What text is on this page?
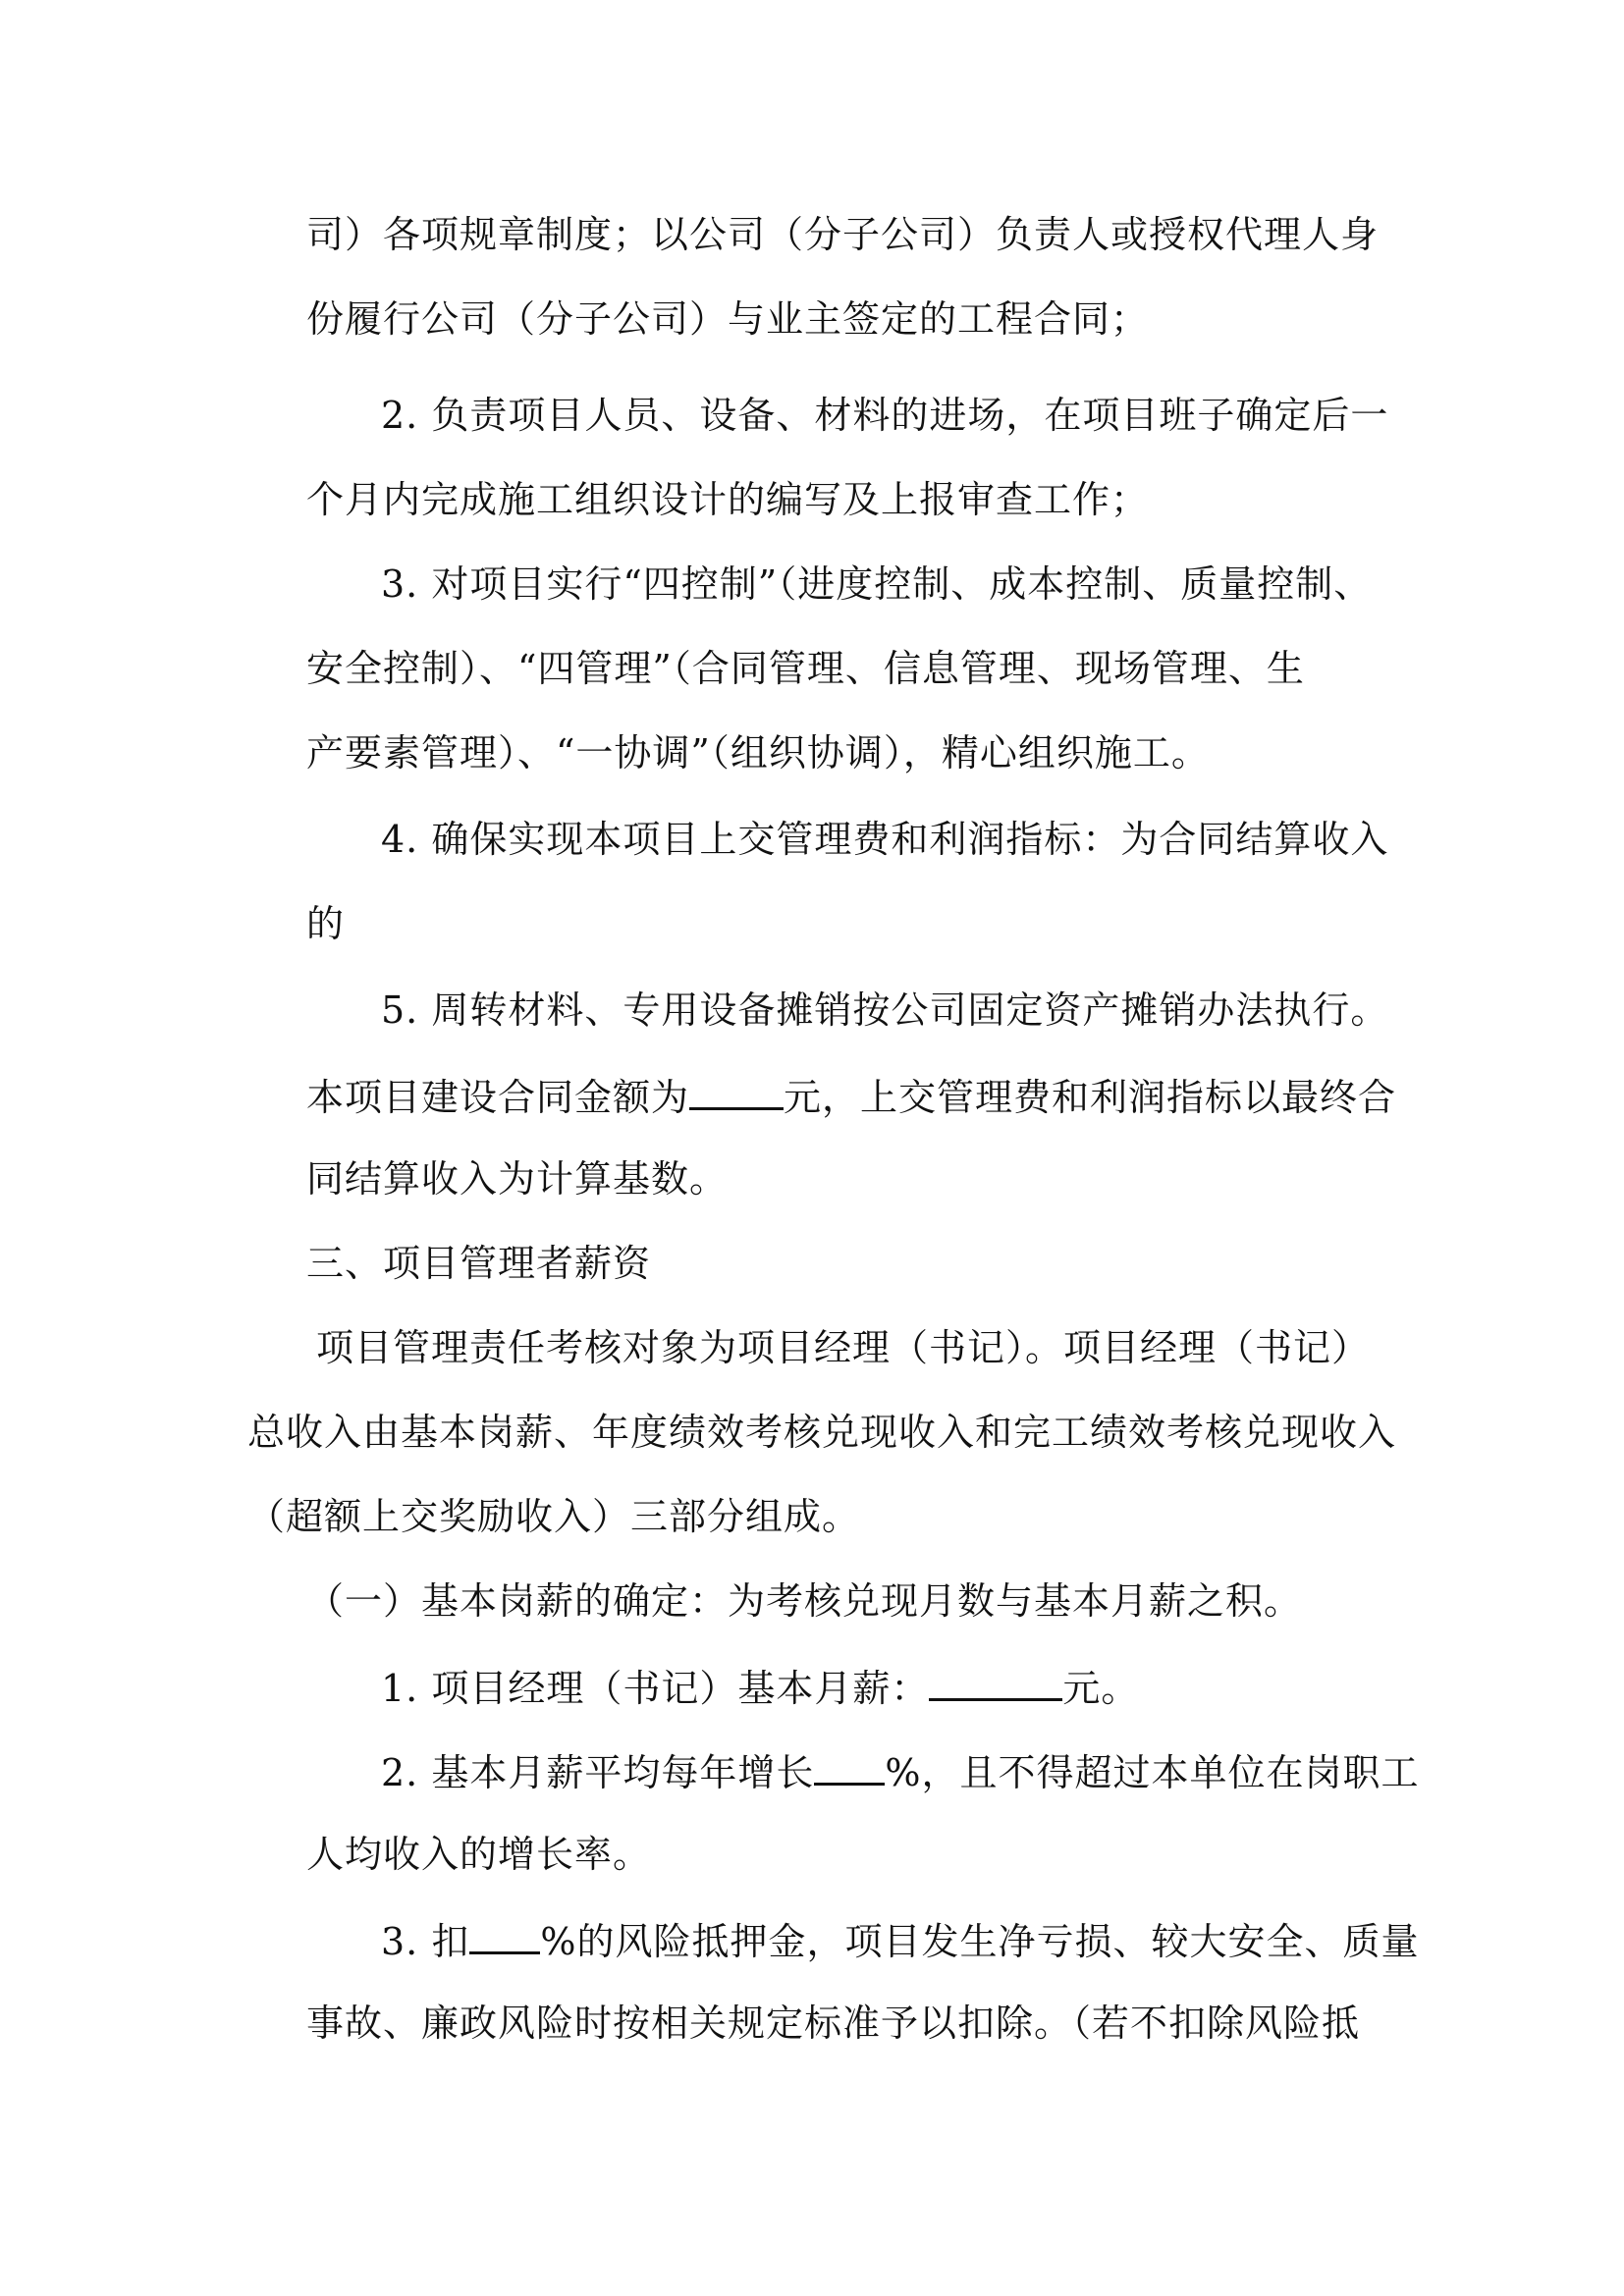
司）各项规章制度；以公司（分子公司）负责人或授权代理人身
份履行公司（分子公司）与业主签定的工程合同；
2. 负责项目人员、设备、材料的进场，在项目班子确定后一
个月内完成施工组织设计的编写及上报审查工作；
3. 对项目实行“四控制”（进度控制、成本控制、质量控制、
安全控制）、“四管理”（合同管理、信息管理、现场管理、生
产要素管理）、“一协调”（组织协调），精心组织施工。
4. 确保实现本项目上交管理费和利润指标：为合同结算收入
的
5. 周转材料、专用设备摊销按公司固定资产摊销办法执行。
本项目建设合同金额为	元，上交管理费和利润指标以最终合
同结算收入为计算基数。
三、项目管理者薪资
项目管理责任考核对象为项目经理（书记）。项目经理（书记）
总收入由基本岗薪、年度绩效考核兑现收入和完工绩效考核兑现收入
（超额上交奖励收入）三部分组成。
（一）基本岗薪的确定：为考核兑现月数与基本月薪之积。
1. 项目经理（书记）基本月薪：	元。
2. 基本月薪平均每年增长 %，且不得超过本单位在岗职工
人均收入的增长率。
3. 扣 %的风险抵押金，项目发生净亏损、较大安全、质量
事故、廉政风险时按相关规定标准予以扣除。（若不扣除风险抵
